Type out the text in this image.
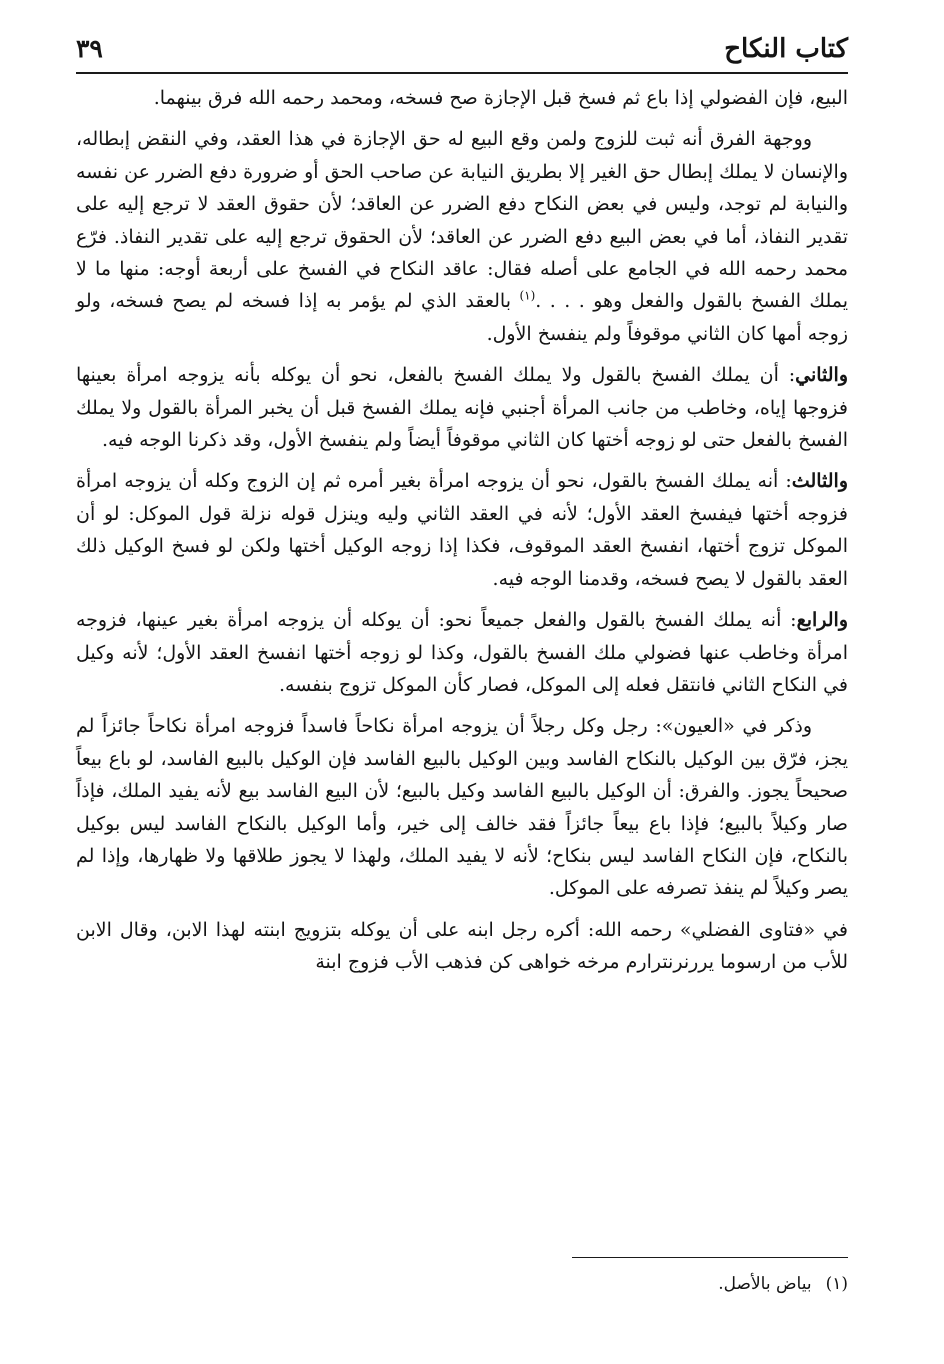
كتاب النكاح
٣٩

البيع، فإن الفضولي إذا باع ثم فسخ قبل الإجازة صح فسخه، ومحمد رحمه الله فرق بينهما.

ووجهة الفرق أنه ثبت للزوج ولمن وقع البيع له حق الإجازة في هذا العقد، وفي النقض إبطاله، والإنسان لا يملك إبطال حق الغير إلا بطريق النيابة عن صاحب الحق أو ضرورة دفع الضرر عن نفسه والنيابة لم توجد، وليس في بعض النكاح دفع الضرر عن العاقد؛ لأن حقوق العقد لا ترجع إليه على تقدير النفاذ، أما في بعض البيع دفع الضرر عن العاقد؛ لأن الحقوق ترجع إليه على تقدير النفاذ. فرّع محمد رحمه الله في الجامع على أصله فقال: عاقد النكاح في الفسخ على أربعة أوجه: منها ما لا يملك الفسخ بالقول والفعل وهو . . . .$^{(١)}$ بالعقد الذي لم يؤمر به إذا فسخه لم يصح فسخه، ولو زوجه أمها كان الثاني موقوفاً ولم ينفسخ الأول.

والثاني: أن يملك الفسخ بالقول ولا يملك الفسخ بالفعل، نحو أن يوكله بأنه يزوجه امرأة بعينها فزوجها إياه، وخاطب من جانب المرأة أجنبي فإنه يملك الفسخ قبل أن يخبر المرأة بالقول ولا يملك الفسخ بالفعل حتى لو زوجه أختها كان الثاني موقوفاً أيضاً ولم ينفسخ الأول، وقد ذكرنا الوجه فيه.

والثالث: أنه يملك الفسخ بالقول، نحو أن يزوجه امرأة بغير أمره ثم إن الزوج وكله أن يزوجه امرأة فزوجه أختها فيفسخ العقد الأول؛ لأنه في العقد الثاني وليه وينزل قوله نزلة قول الموكل: لو أن الموكل تزوج أختها، انفسخ العقد الموقوف، فكذا إذا زوجه الوكيل أختها ولكن لو فسخ الوكيل ذلك العقد بالقول لا يصح فسخه، وقدمنا الوجه فيه.

والرابع: أنه يملك الفسخ بالقول والفعل جميعاً نحو: أن يوكله أن يزوجه امرأة بغير عينها، فزوجه امرأة وخاطب عنها فضولي ملك الفسخ بالقول، وكذا لو زوجه أختها انفسخ العقد الأول؛ لأنه وكيل في النكاح الثاني فانتقل فعله إلى الموكل، فصار كأن الموكل تزوج بنفسه.

وذكر في «العيون»: رجل وكل رجلاً أن يزوجه امرأة نكاحاً فاسداً فزوجه امرأة نكاحاً جائزاً لم يجز، فرّق بين الوكيل بالنكاح الفاسد وبين الوكيل بالبيع الفاسد فإن الوكيل بالبيع الفاسد، لو باع بيعاً صحيحاً يجوز. والفرق: أن الوكيل بالبيع الفاسد وكيل بالبيع؛ لأن البيع الفاسد بيع لأنه يفيد الملك، فإذاً صار وكيلاً بالبيع؛ فإذا باع بيعاً جائزاً فقد خالف إلى خير، وأما الوكيل بالنكاح الفاسد ليس بوكيل بالنكاح، فإن النكاح الفاسد ليس بنكاح؛ لأنه لا يفيد الملك، ولهذا لا يجوز طلاقها ولا ظهارها، وإذا لم يصر وكيلاً لم ينفذ تصرفه على الموكل.

في «فتاوى الفضلي» رحمه الله: أكره رجل ابنه على أن يوكله بتزويج ابنته لهذا الابن، وقال الابن للأب من ارسوما يررنرنترارم مرخه خواهى كن فذهب الأب فزوج ابنة

(١)بياض بالأصل.
